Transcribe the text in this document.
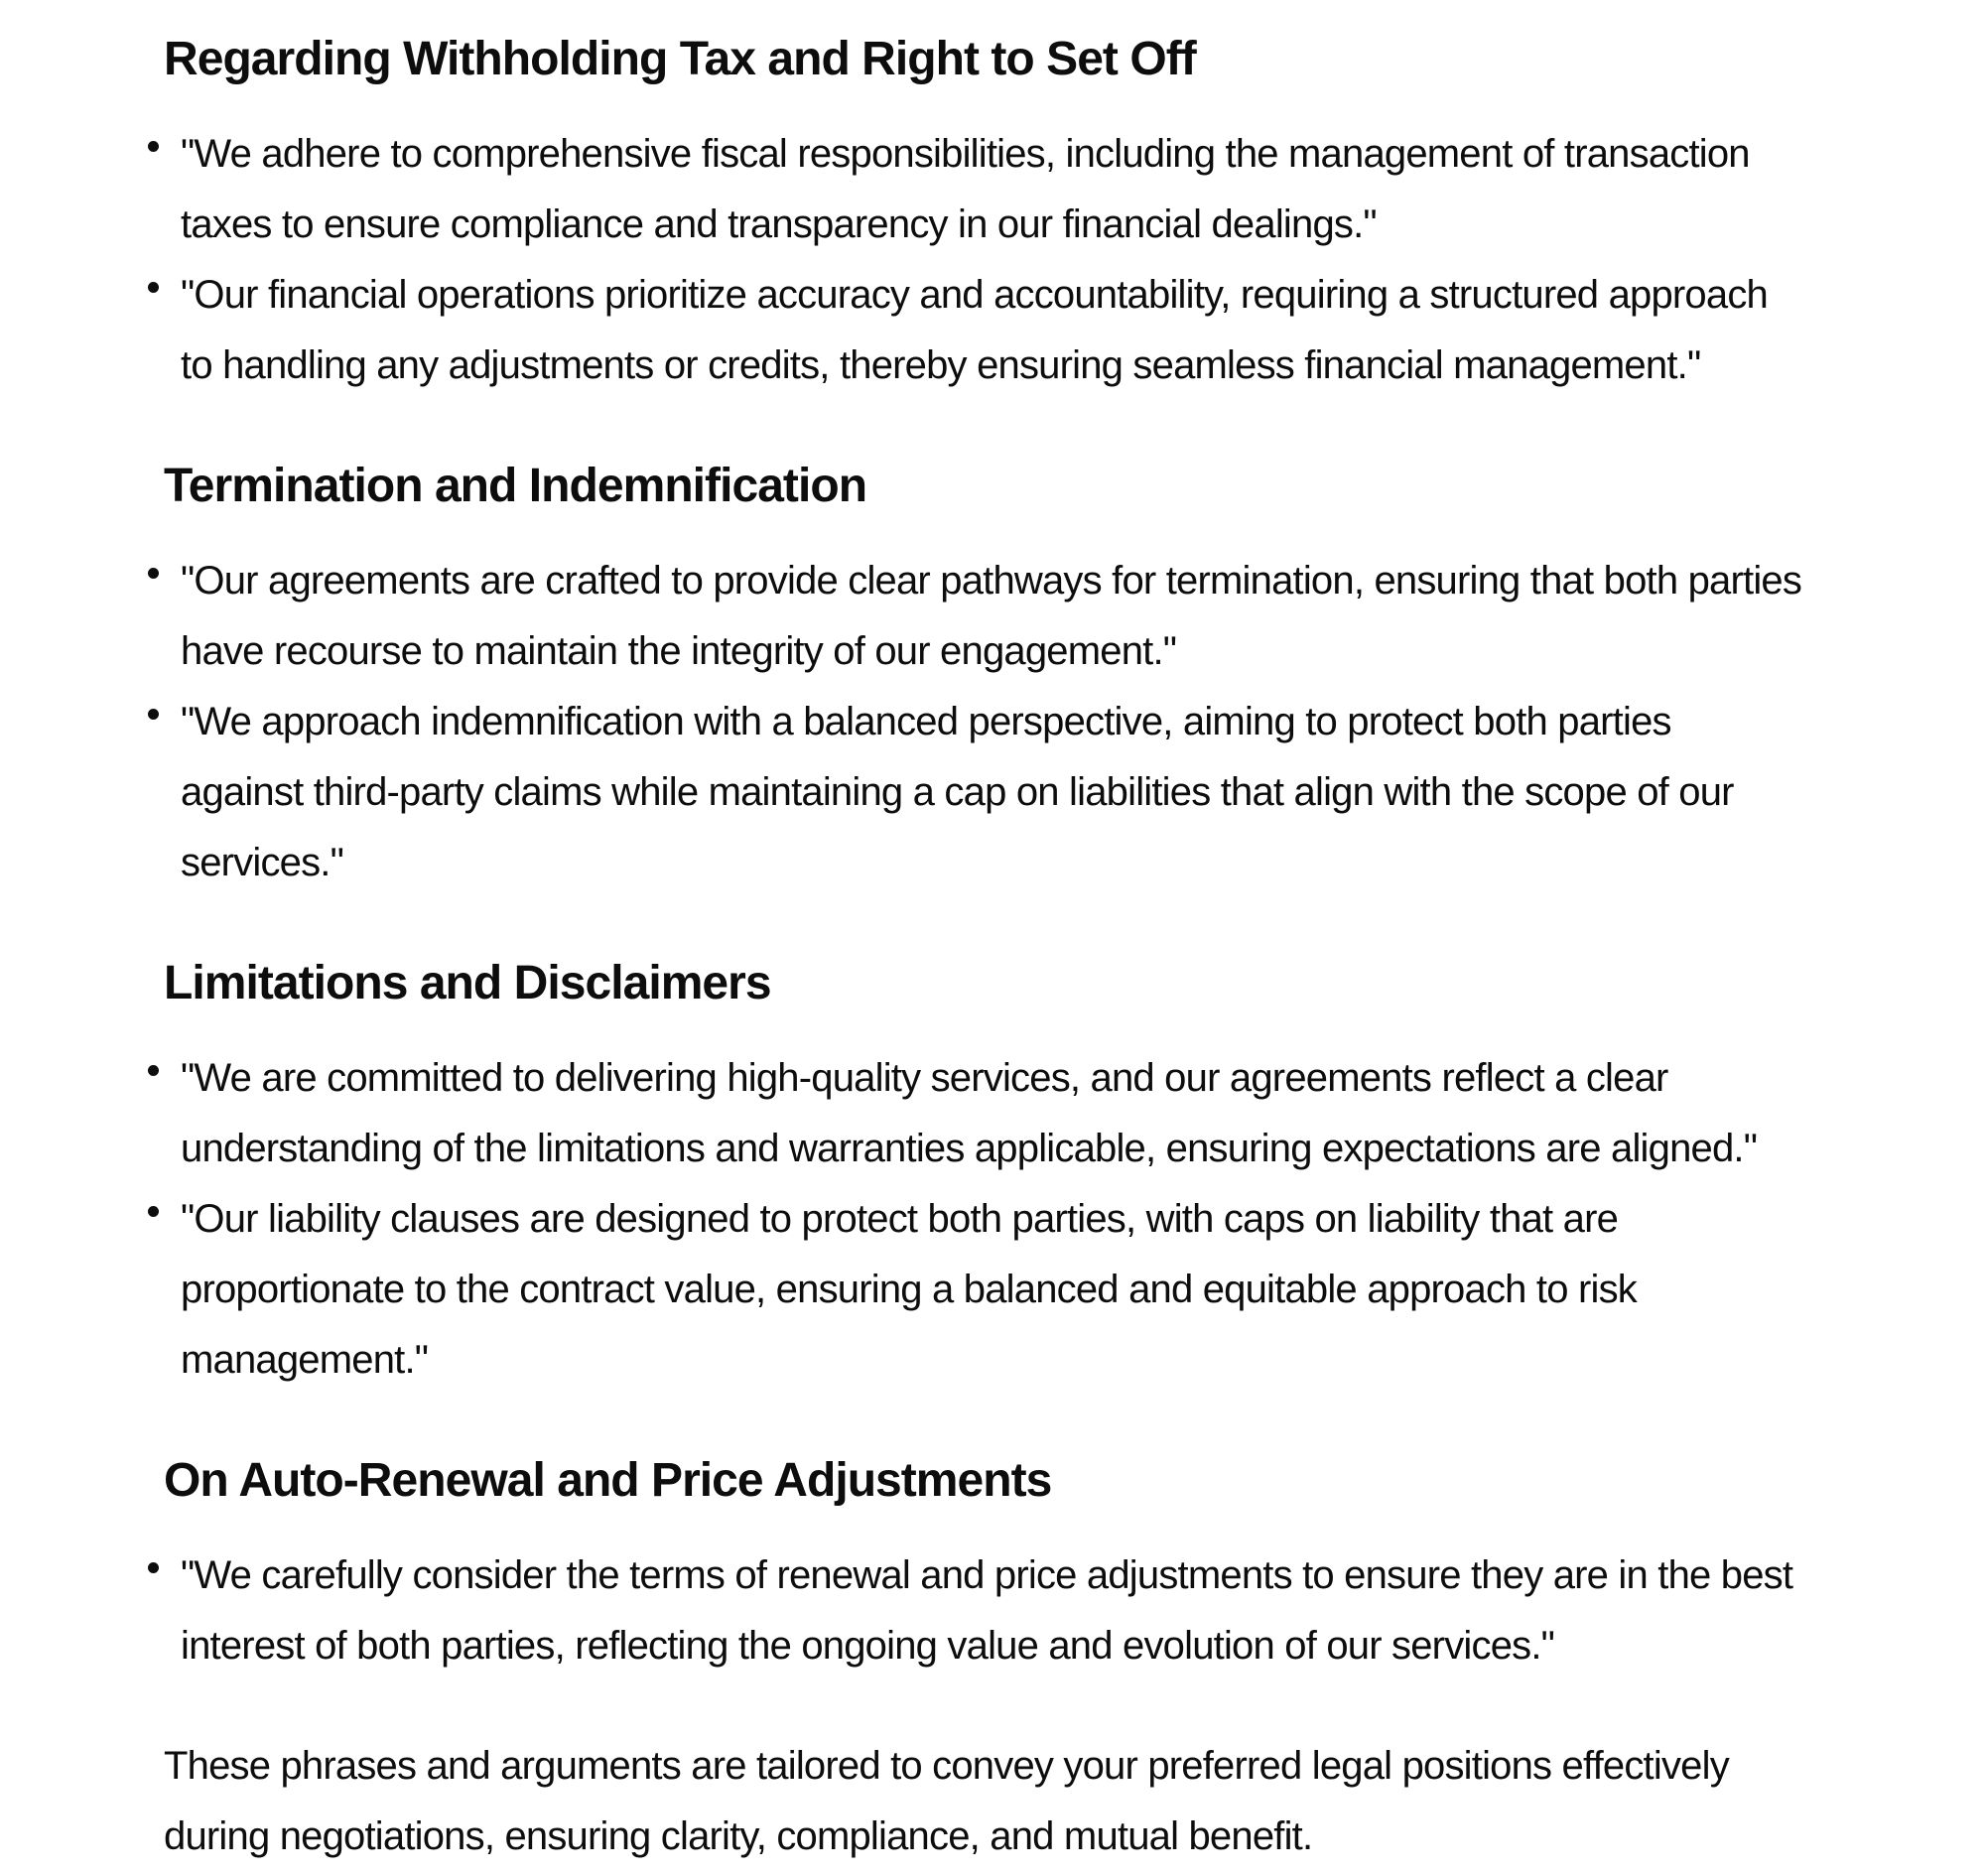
Regarding Withholding Tax and Right to Set Off
"We adhere to comprehensive fiscal responsibilities, including the management of transaction
taxes to ensure compliance and transparency in our financial dealings."
"Our financial operations prioritize accuracy and accountability, requiring a structured approach
to handling any adjustments or credits, thereby ensuring seamless financial management."
Termination and Indemnification
"Our agreements are crafted to provide clear pathways for termination, ensuring that both parties
have recourse to maintain the integrity of our engagement."
"We approach indemnification with a balanced perspective, aiming to protect both parties
against third-party claims while maintaining a cap on liabilities that align with the scope of our
services."
Limitations and Disclaimers
"We are committed to delivering high-quality services, and our agreements reflect a clear
understanding of the limitations and warranties applicable, ensuring expectations are aligned."
"Our liability clauses are designed to protect both parties, with caps on liability that are
proportionate to the contract value, ensuring a balanced and equitable approach to risk
management."
On Auto-Renewal and Price Adjustments
"We carefully consider the terms of renewal and price adjustments to ensure they are in the best
interest of both parties, reflecting the ongoing value and evolution of our services."

These phrases and arguments are tailored to convey your preferred legal positions effectively
during negotiations, ensuring clarity, compliance, and mutual benefit.
